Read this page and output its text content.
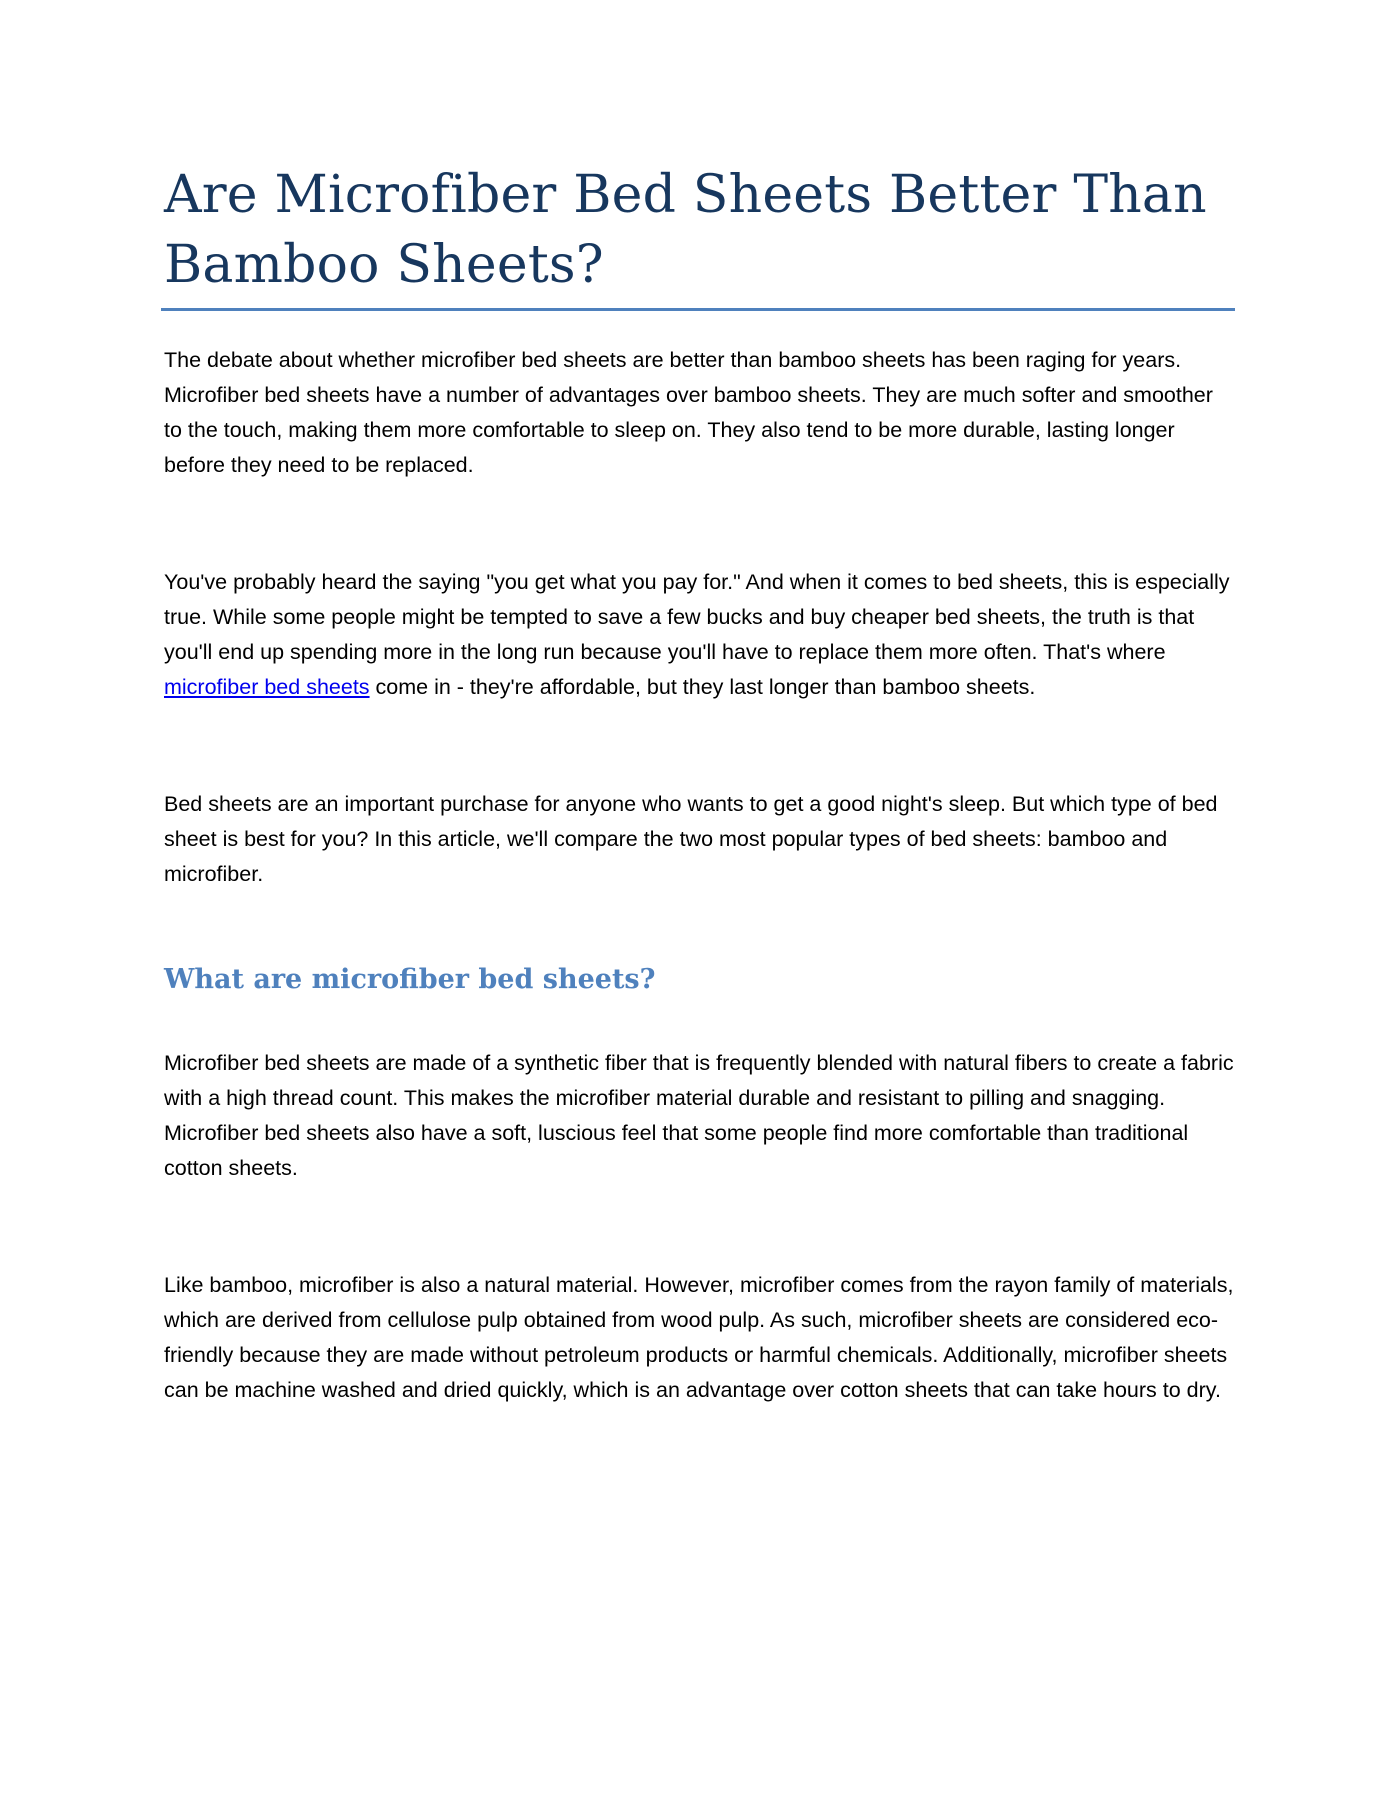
Are Microfiber Bed Sheets Better Than Bamboo Sheets?

The debate about whether microfiber bed sheets are better than bamboo sheets has been raging for years. Microfiber bed sheets have a number of advantages over bamboo sheets. They are much softer and smoother to the touch, making them more comfortable to sleep on. They also tend to be more durable, lasting longer before they need to be replaced.

You've probably heard the saying "you get what you pay for." And when it comes to bed sheets, this is especially true. While some people might be tempted to save a few bucks and buy cheaper bed sheets, the truth is that you'll end up spending more in the long run because you'll have to replace them more often. That's where microfiber bed sheets come in - they're affordable, but they last longer than bamboo sheets.

Bed sheets are an important purchase for anyone who wants to get a good night's sleep. But which type of bed sheet is best for you? In this article, we'll compare the two most popular types of bed sheets: bamboo and microfiber.

What are microfiber bed sheets?

Microfiber bed sheets are made of a synthetic fiber that is frequently blended with natural fibers to create a fabric with a high thread count. This makes the microfiber material durable and resistant to pilling and snagging. Microfiber bed sheets also have a soft, luscious feel that some people find more comfortable than traditional cotton sheets.

Like bamboo, microfiber is also a natural material. However, microfiber comes from the rayon family of materials, which are derived from cellulose pulp obtained from wood pulp. As such, microfiber sheets are considered eco-friendly because they are made without petroleum products or harmful chemicals. Additionally, microfiber sheets can be machine washed and dried quickly, which is an advantage over cotton sheets that can take hours to dry.
